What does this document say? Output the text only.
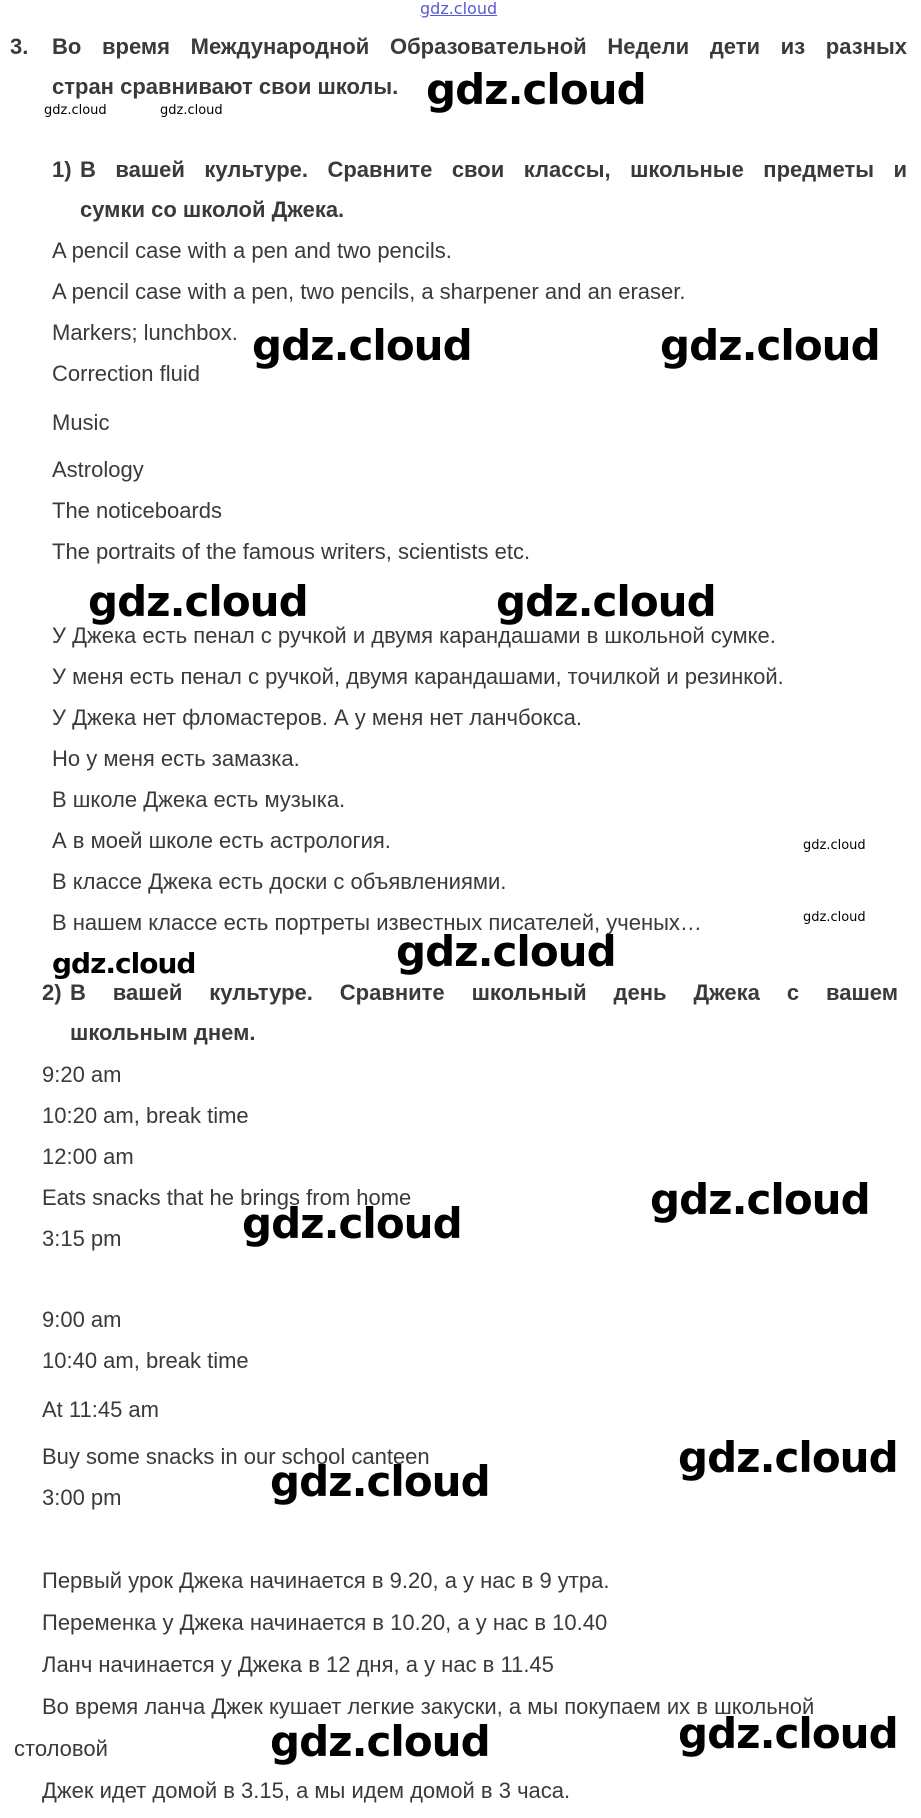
gdz.cloud
3. Во время Международной Образовательной Недели дети из разных
стран сравнивают свои школы. gdz.cloud
gdz.cloud	gdz.cloud
1) В вашей культуре. Сравните свои классы, школьные предметы и
сумки со школой Джека.
A pencil case with a pen and two pencils.
A pencil case with a pen, two pencils, a sharpener and an eraser.
Markers; lunchbox.
Correction fluid
Music
Astrology
The noticeboards
The portraits of the famous writers, scientists etc.
gdz.cloud	gdz.cloud
gdz.cloud	gdz.cloud
У Джека есть пенал с ручкой и двумя карандашами в школьной сумке.
У меня есть пенал с ручкой, двумя карандашами, точилкой и резинкой.
У Джека нет фломастеров. А у меня нет ланчбокса.
Но у меня есть замазка.
В школе Джека есть музыка.
А в моей школе есть астрология.
В классе Джека есть доски с объявлениями.
В нашем классе есть портреты известных писателей, ученых…
gdz.cloud
gdz.cloud
gdz.cloud	gdz.cloud
2) В вашей культуре. Сравните школьный день Джека с вашем
школьным днем.
9:20 am
10:20 am, break time
12:00 am
Eats snacks that he brings from home
3:15 pm
gdz.cloud
gdz.cloud
9:00 am
10:40 am, break time
At 11:45 am
Buy some snacks in our school canteen
3:00 pm
gdz.cloud
gdz.cloud
Первый урок Джека начинается в 9.20, а у нас в 9 утра.
Переменка у Джека начинается в 10.20, а у нас в 10.40
Ланч начинается у Джека в 12 дня, а у нас в 11.45
Во время ланча Джек кушает легкие закуски, а мы покупаем их в школьной
столовой
Джек идет домой в 3.15, а мы идем домой в 3 часа.
gdz.cloud	gdz.cloud
